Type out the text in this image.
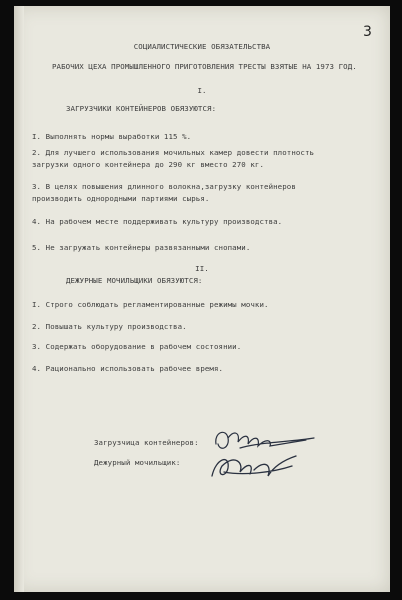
3
СОЦИАЛИСТИЧЕСКИЕ ОБЯЗАТЕЛЬСТВА
РАБОЧИХ ЦЕХА ПРОМЫШЛЕННОГО ПРИГОТОВЛЕНИЯ ТРЕСТЫ ВЗЯТЫЕ НА 1973 ГОД.
I.
ЗАГРУЗЧИКИ КОНТЕЙНЕРОВ ОБЯЗУЮТСЯ:
I. Выполнять нормы выработки 115 %.
2. Для лучшего использования мочильных камер довести плотность
загрузки одного контейнера до 290 кг вместо 270 кг.
3. В целях повышения длинного волокна,загрузку контейнеров
производить однородными партиями сырья.
4. На рабочем месте поддерживать культуру производства.
5. Не загружать контейнеры развязанными снопами.
II.
ДЕЖУРНЫЕ МОЧИЛЬЩИКИ ОБЯЗУЮТСЯ:
I. Строго соблюдать регламентированные режимы мочки.
2. Повышать культуру производства.
3. Содержать оборудование в рабочем состоянии.
4. Рационально использовать рабочее время.
Загрузчица контейнеров:
Дежурный мочильщик:
